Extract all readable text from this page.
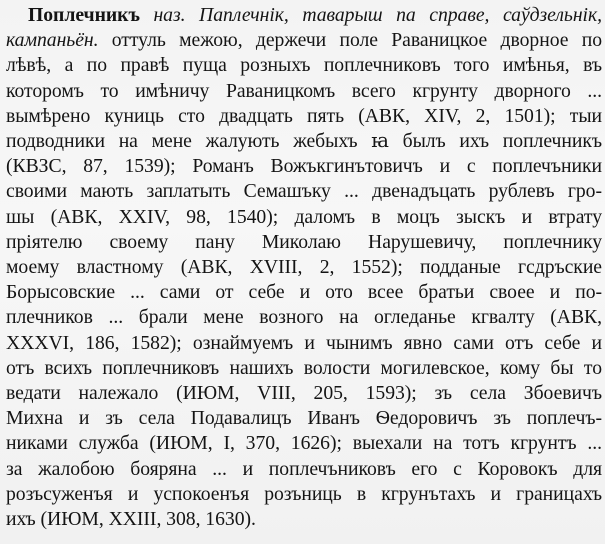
Поплечникъ наз. Паплечнік, таварыш па справе, саўдзельнік,
кампаньён. оттуль межою, держечи поле Раваницкое дворное по
лѣвѣ, а по правѣ пуща розныхъ поплечниковъ того имѣнья, въ
которомъ то имѣничу Раваницкомъ всего кгрунту дворного ...
вымѣрено куниць сто двадцать пять (АВК, XIV, 2, 1501); тыи
подводники на мене жалують жебыхъ ꙗ былъ ихъ поплечникъ
(КВЗС, 87, 1539); Романъ Вожъкгинътовичъ и с поплечъники
своими мають заплатыть Семашъку ... двенадъцать рублевъ гро-
шы (АВК, XXIV, 98, 1540); даломъ в моцъ зыскъ и втрату
пріятелю своему пану Миколаю Нарушевичу, поплечнику
моему властному (АВК, XVIII, 2, 1552); подданые гсдръские
Борысовские ... сами от себе и ото всее братьи своее и по-
плечников ... брали мене возного на огледанье кгвалту (АВК,
XXXVI, 186, 1582); ознаймуемъ и чынимъ явно сами отъ себе и
отъ всихъ поплечниковъ нашихъ волости могилевское, кому бы то
ведати належало (ИЮМ, VIII, 205, 1593); зъ села Збоевичъ
Михна и зъ села Подавалицъ Иванъ Ѳедоровичъ зъ поплечъ-
никами служба (ИЮМ, I, 370, 1626); выехали на тотъ кгрунтъ ...
за жалобою бояряна ... и поплечъниковъ его с Коровокъ для
розъсуженъя и успокоенъя розъниць в кгрунътахъ и границахъ
ихъ (ИЮМ, XXIII, 308, 1630).
